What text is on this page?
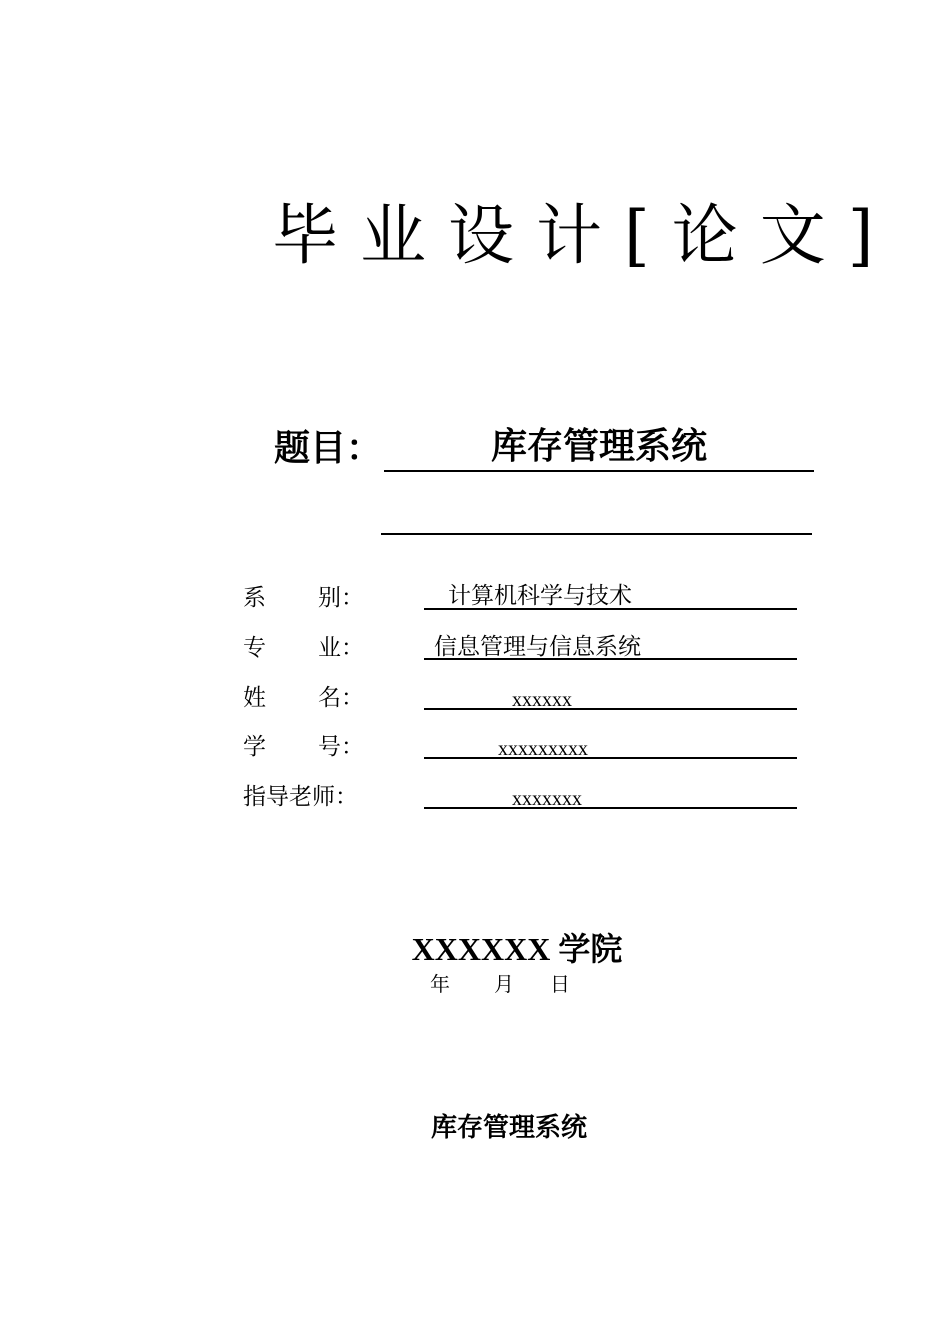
毕业设计[论文]
题目：	库存管理系统
系 别：	计算机科学与技术
专 业：	信息管理与信息系统
姓 名：	xxxxxx
学 号：	xxxxxxxxx
指导老师：	xxxxxxx
XXXXXX 学院
年 月 日
库存管理系统
